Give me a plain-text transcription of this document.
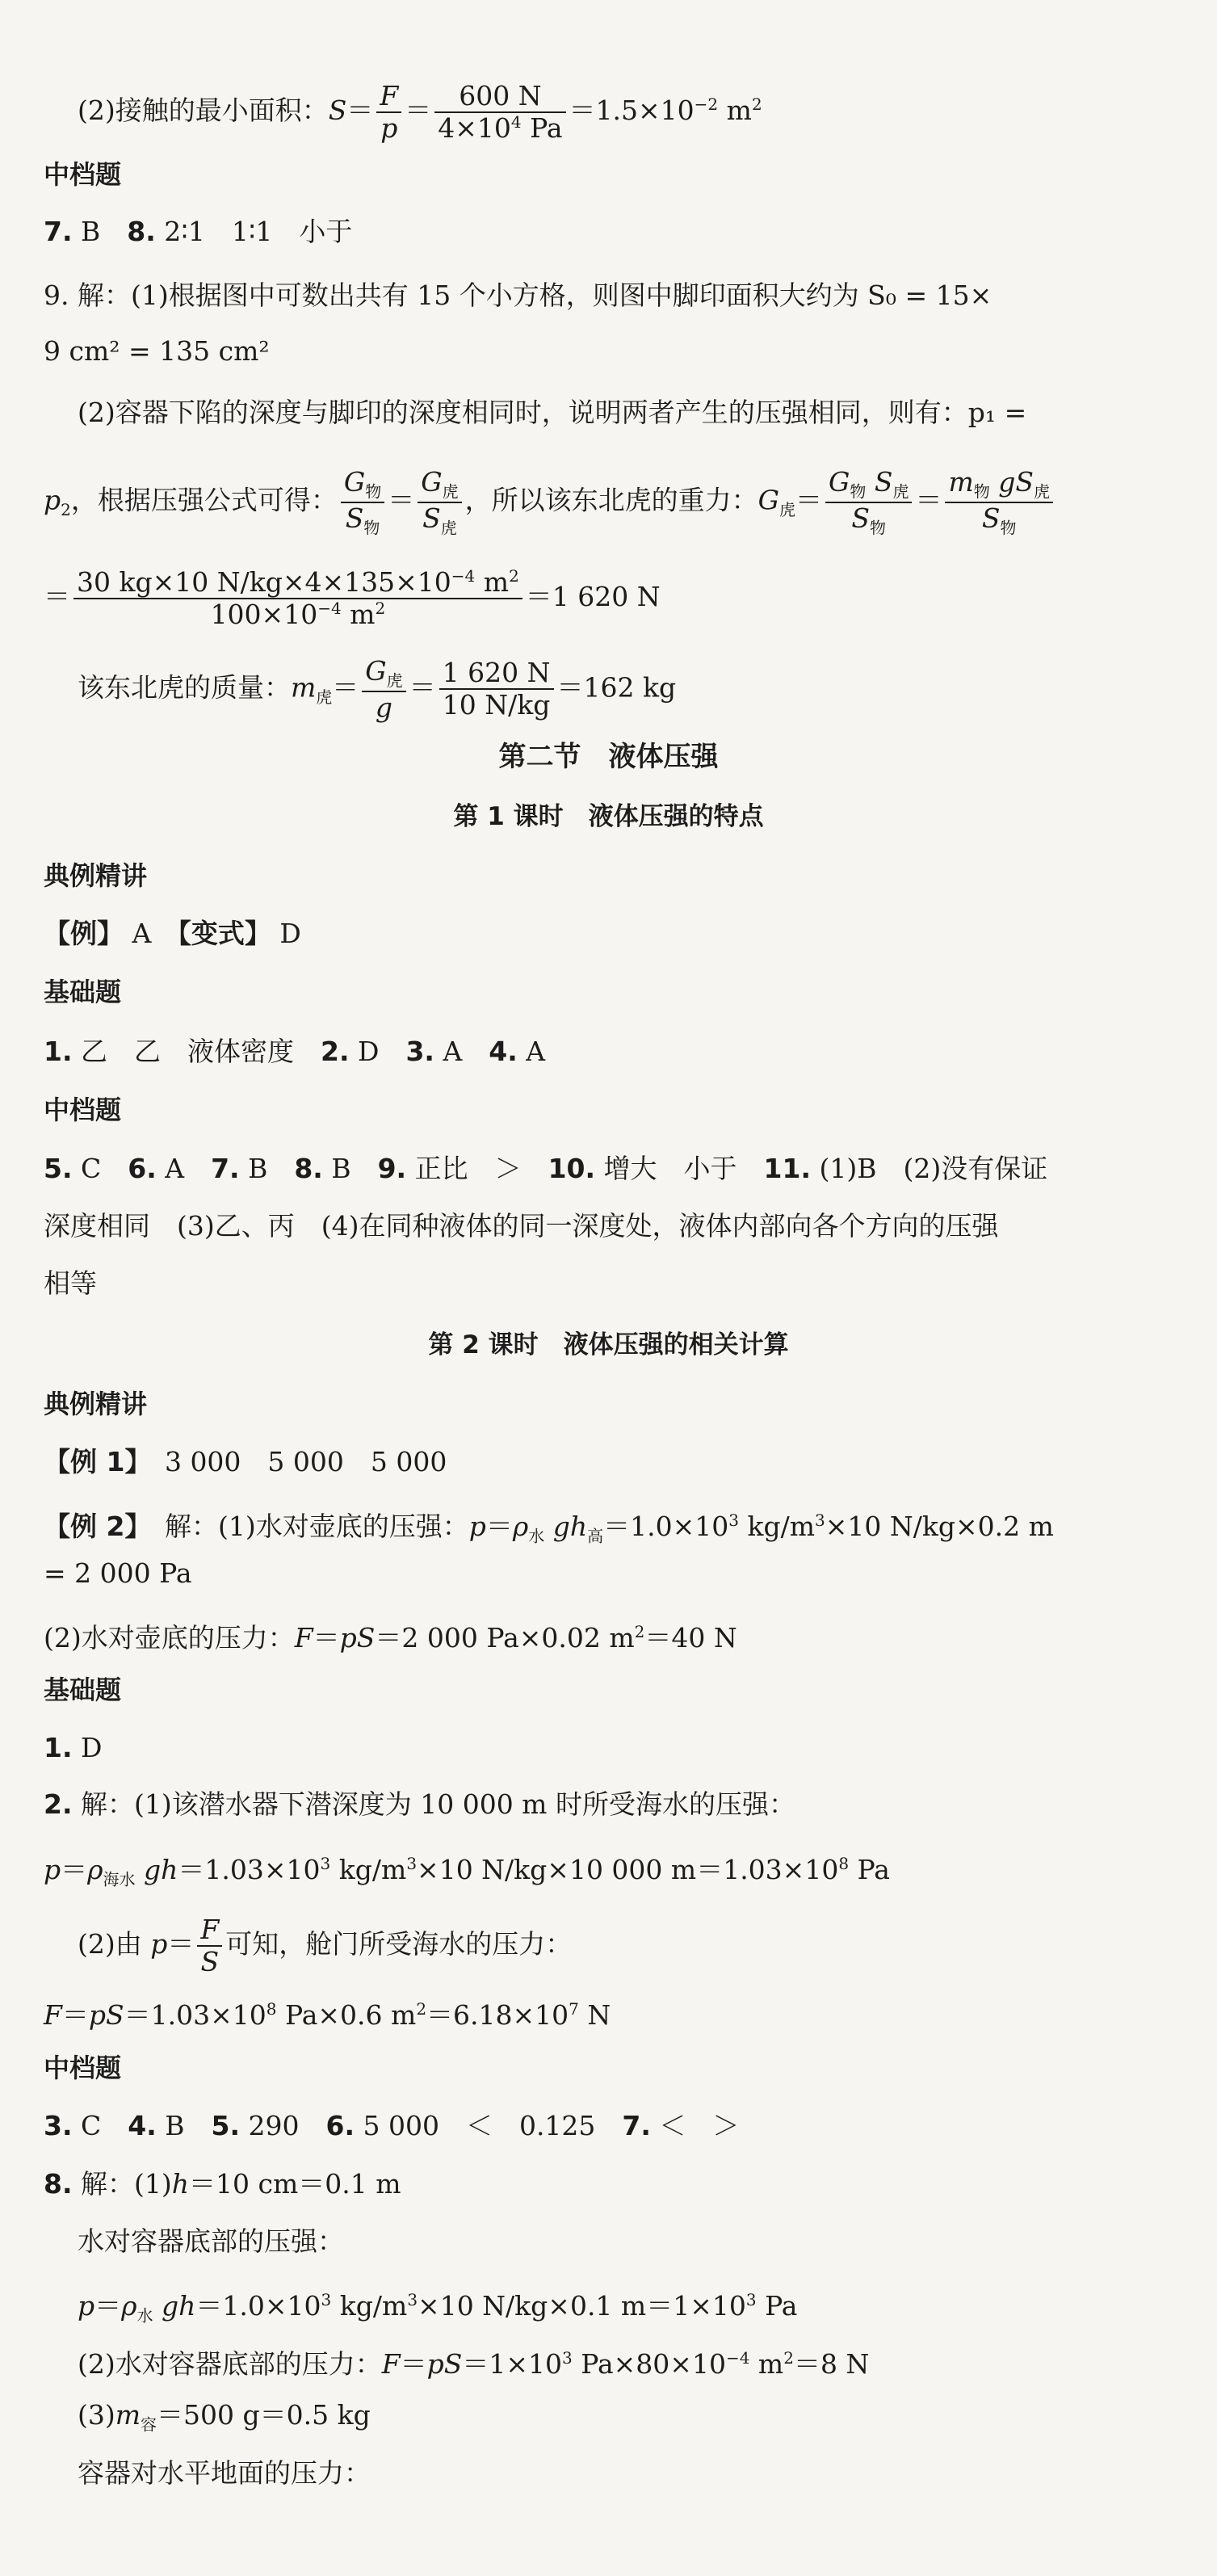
(2)接触的最小面积：$S= \frac{F}{p} = \frac{600 N}{4\times 10^4 Pa} =1.5\times 10^{-2}$ $m^2$
中档题
7. B　8. 2∶1　1∶1　小于
9. 解：(1)根据图中可数出共有 15 个小方格，则图中脚印面积大约为 S₀ = 15×
9 cm² = 135 cm²
(2)容器下陷的深度与脚印的深度相同时，说明两者产生的压强相同，则有：p₁ =
$p_2$，根据压强公式可得： $\frac{G_物}{S_物} = \frac{G_虎}{S_虎}$ ，所以该东北虎的重力：$G_虎= \frac{G_物 S_虎}{S_物} = \frac{m_物 gS_虎}{S_物}$
＝ $\frac{30 kg\times 10 N/kg\times 4\times 135\times 10^{-4} m^2}{100\times 10^{-4} m^2} =1$ 620 N
该东北虎的质量：$m_虎= \frac{G_虎}{g} = \frac{1 620 N}{10 N/kg} =162$ kg
第二节　液体压强
第 1 课时　液体压强的特点
典例精讲
【例】 A　【变式】 D
基础题
1. 乙　乙　液体密度　2. D　3. A　4. A
中档题
5. C　6. A　7. B　8. B　9. 正比　＞　10. 增大　小于　11. (1)B　(2)没有保证
深度相同　(3)乙、丙　(4)在同种液体的同一深度处，液体内部向各个方向的压强
相等
第 2 课时　液体压强的相关计算
典例精讲
【例 1】　3 000　5 000　5 000
【例 2】　解：(1)水对壶底的压强：$p=\rho_水$ $gh_高=1.0\times 10^3$ $kg/m^3\times 10$ N/kg×0.2 m
= 2 000 Pa
(2)水对壶底的压力：F＝pS＝2 000 Pa×0.02 $m^2=40$ N
基础题
1. D
2. 解：(1)该潜水器下潜深度为 10 000 m 时所受海水的压强：
$p=\rho_{海水}$ $gh=1.03\times 10^3$ $kg/m^3\times 10$ N/kg×10 000 $m=1.03\times 10^8$ Pa
(2)由 $p= \frac{F}{S}$ 可知，舱门所受海水的压力：
$F=pS=1.03\times 10^8$ Pa×0.6 $m^2=6.18\times 10^7$ N
中档题
3. C　4. B　5. 290　6. 5 000　＜　0.125　7. ＜　＞
8. 解：(1)h＝10 cm＝0.1 m
水对容器底部的压强：
$p=\rho_水$ $gh=1.0\times 10^3$ $kg/m^3\times 10$ N/kg×0.1 $m=1\times 10^3$ Pa
(2)水对容器底部的压力：$F=pS=1\times 10^3$ $Pa\times 80\times 10^{-4}$ $m^2=8$ N
$(3)m_容=500$ g＝0.5 kg
容器对水平地面的压力：
